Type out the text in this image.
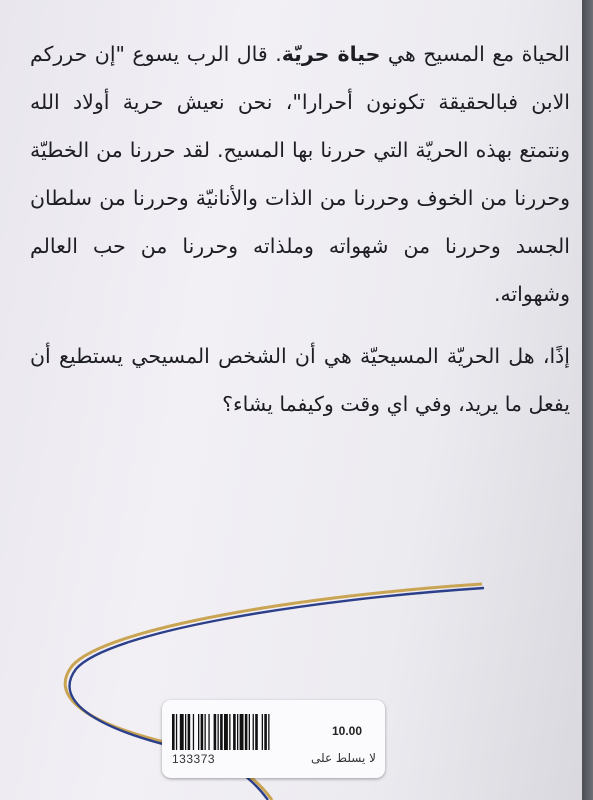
الحياة مع المسيح هي حياة حريّة. قال الرب يسوع "إن حرركم الابن فبالحقيقة تكونون أحرارا"، نحن نعيش حرية أولاد الله ونتمتع بهذه الحريّة التي حررنا بها المسيح. لقد حررنا من الخطيّة وحررنا من الخوف وحررنا من الذات والأنانيّة وحررنا من سلطان الجسد وحررنا من شهواته وملذاته وحررنا من حب العالم وشهواته.

إذًا، هل الحريّة المسيحيّة هي أن الشخص المسيحي يستطيع أن يفعل ما يريد، وفي اي وقت وكيفما يشاء؟

10.00
133373	لا يسلط على
